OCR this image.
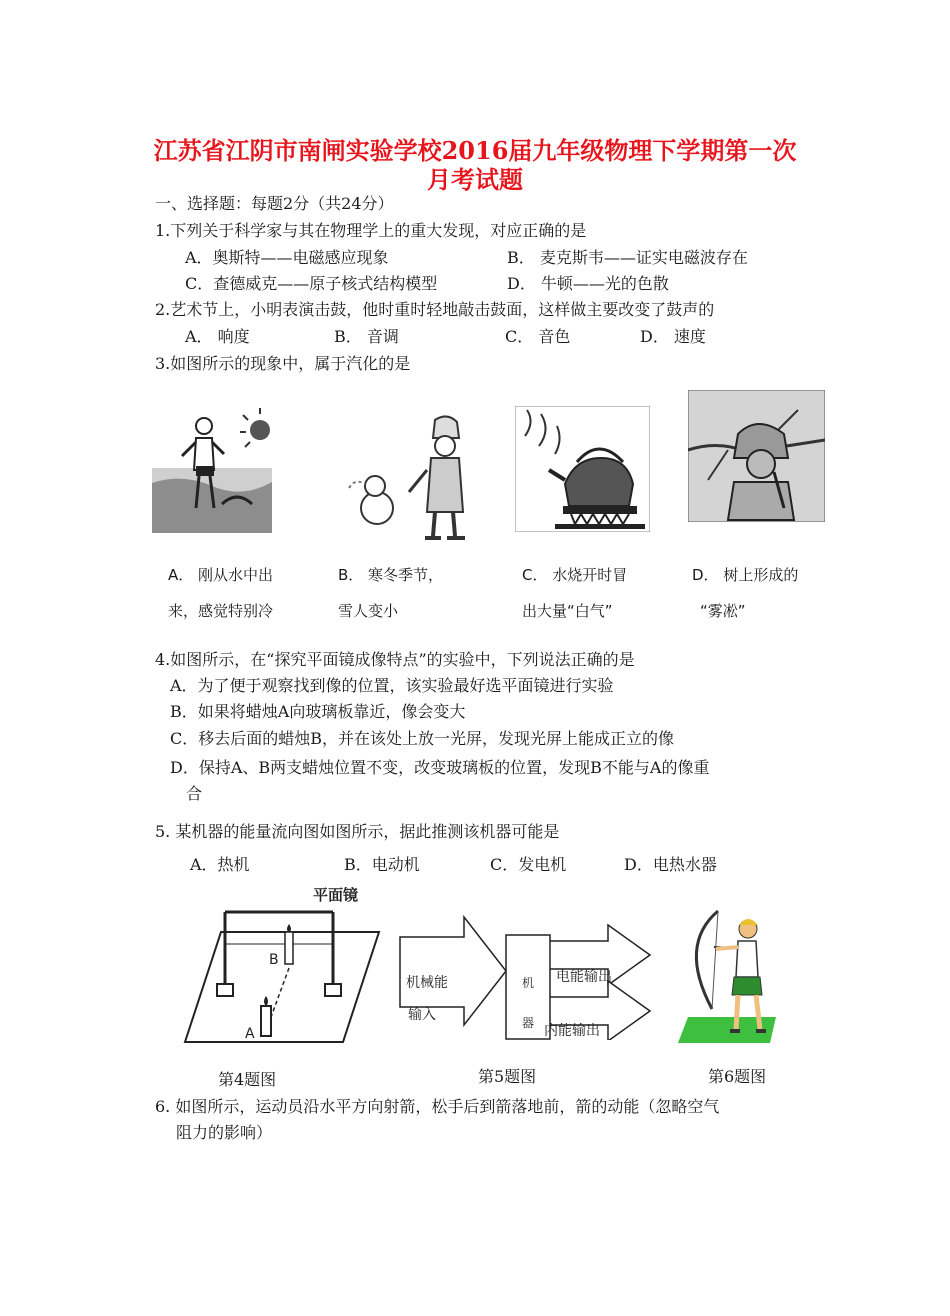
江苏省江阴市南闸实验学校2016届九年级物理下学期第一次
月考试题
一、选择题：每题2分（共24分）
1.下列关于科学家与其在物理学上的重大发现，对应正确的是
A．奥斯特——电磁感应现象	B． 麦克斯韦——证实电磁波存在
C．查德威克——原子核式结构模型	D． 牛顿——光的色散
2.艺术节上，小明表演击鼓，他时重时轻地敲击鼓面，这样做主要改变了鼓声的
A． 响度	B． 音调	C． 音色	D． 速度
3.如图所示的现象中，属于汽化的是
A． 刚从水中出
来，感觉特别冷
B． 寒冬季节，
雪人变小
C． 水烧开时冒
出大量“白气”
D． 树上形成的
“雾凇”
4.如图所示，在“探究平面镜成像特点”的实验中，下列说法正确的是
A．为了便于观察找到像的位置，该实验最好选平面镜进行实验
B．如果将蜡烛A向玻璃板靠近，像会变大
C．移去后面的蜡烛B，并在该处上放一光屏，发现光屏上能成正立的像
D．保持A、B两支蜡烛位置不变，改变玻璃板的位置，发现B不能与A的像重
合
5. 某机器的能量流向图如图所示，据此推测该机器可能是
A．热机	B．电动机	C．发电机	D．电热水器
平面镜
B
A
第4题图
机械能
输入
机
器
电能输出
内能输出
第5题图	第6题图
6. 如图所示，运动员沿水平方向射箭，松手后到箭落地前，箭的动能（忽略空气
阻力的影响）
